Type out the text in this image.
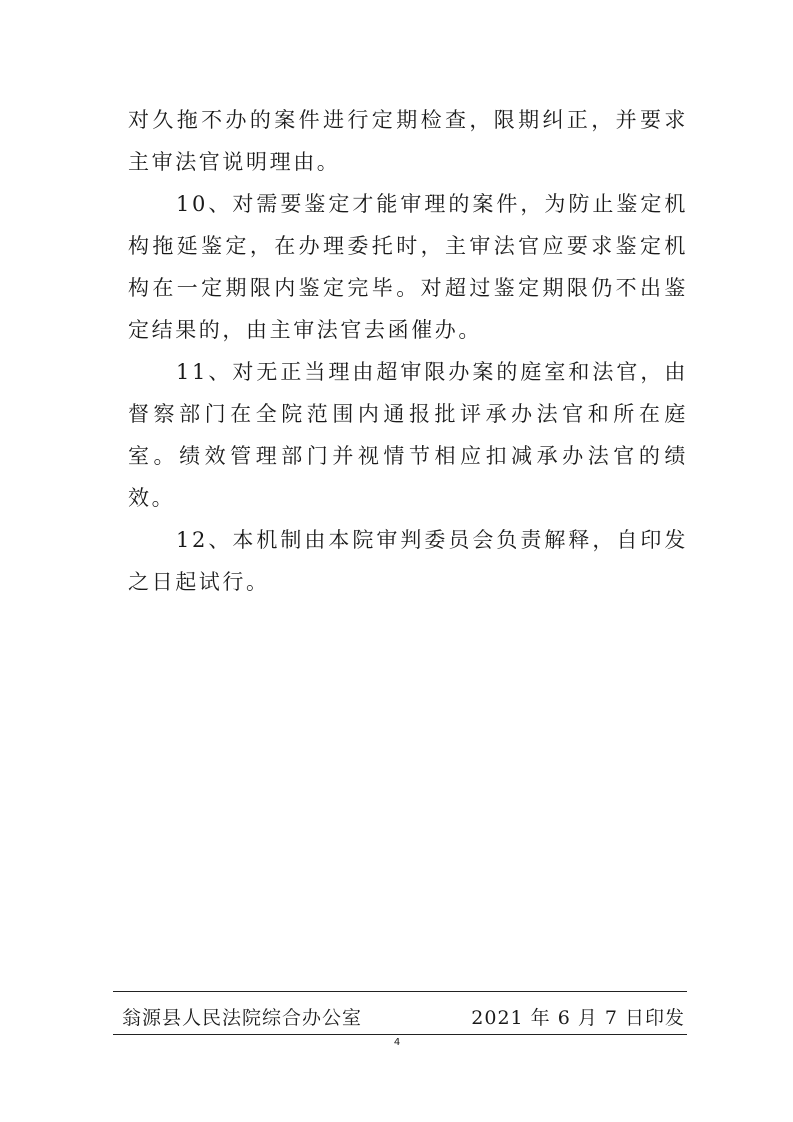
对久拖不办的案件进行定期检查，限期纠正，并要求主审法官说明理由。

　　10、对需要鉴定才能审理的案件，为防止鉴定机构拖延鉴定，在办理委托时，主审法官应要求鉴定机构在一定期限内鉴定完毕。对超过鉴定期限仍不出鉴定结果的，由主审法官去函催办。

　　11、对无正当理由超审限办案的庭室和法官，由督察部门在全院范围内通报批评承办法官和所在庭室。绩效管理部门并视情节相应扣减承办法官的绩效。

　　12、本机制由本院审判委员会负责解释，自印发之日起试行。

翁源县人民法院综合办公室	2021 年 6 月 7 日印发
4
